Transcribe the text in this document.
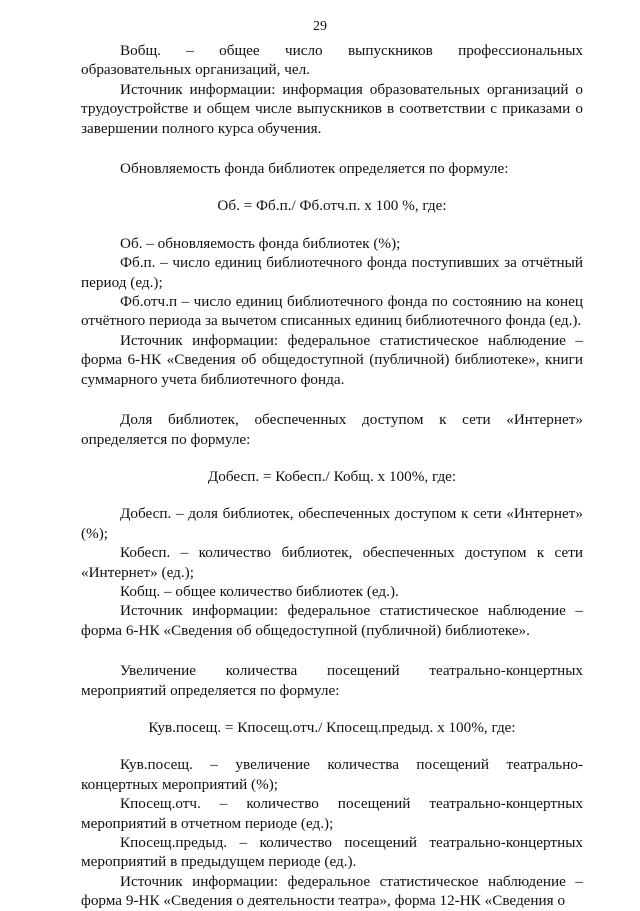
29

Вобщ. – общее число выпускников профессиональных образовательных организаций, чел.

Источник информации: информация образовательных организаций о трудоустройстве и общем числе выпускников в соответствии с приказами о завершении полного курса обучения.

Обновляемость фонда библиотек определяется по формуле:

Об. = Фб.п./ Фб.отч.п. х 100 %, где:

Об. – обновляемость фонда библиотек (%);

Фб.п. – число единиц библиотечного фонда поступивших за отчётный период (ед.);

Фб.отч.п – число единиц библиотечного фонда по состоянию на конец отчётного периода за вычетом списанных единиц библиотечного фонда (ед.).

Источник информации: федеральное статистическое наблюдение – форма 6-НК «Сведения об общедоступной (публичной) библиотеке», книги суммарного учета библиотечного фонда.

Доля библиотек, обеспеченных доступом к сети «Интернет» определяется по формуле:

Добесп. = Кобесп./ Кобщ. х 100%, где:

Добесп. – доля библиотек, обеспеченных доступом к сети «Интернет» (%);

Кобесп. – количество библиотек, обеспеченных доступом к сети «Интернет» (ед.);

Кобщ. – общее количество библиотек (ед.).

Источник информации: федеральное статистическое наблюдение – форма 6-НК «Сведения об общедоступной (публичной) библиотеке».

Увеличение количества посещений театрально-концертных мероприятий определяется по формуле:

Кув.посещ. = Кпосещ.отч./ Кпосещ.предыд. х 100%, где:

Кув.посещ. – увеличение количества посещений театрально-концертных мероприятий (%);

Кпосещ.отч. – количество посещений театрально-концертных мероприятий в отчетном периоде (ед.);

Кпосещ.предыд. – количество посещений театрально-концертных мероприятий в предыдущем периоде (ед.).

Источник информации: федеральное статистическое наблюдение – форма 9-НК «Сведения о деятельности театра», форма 12-НК «Сведения о
